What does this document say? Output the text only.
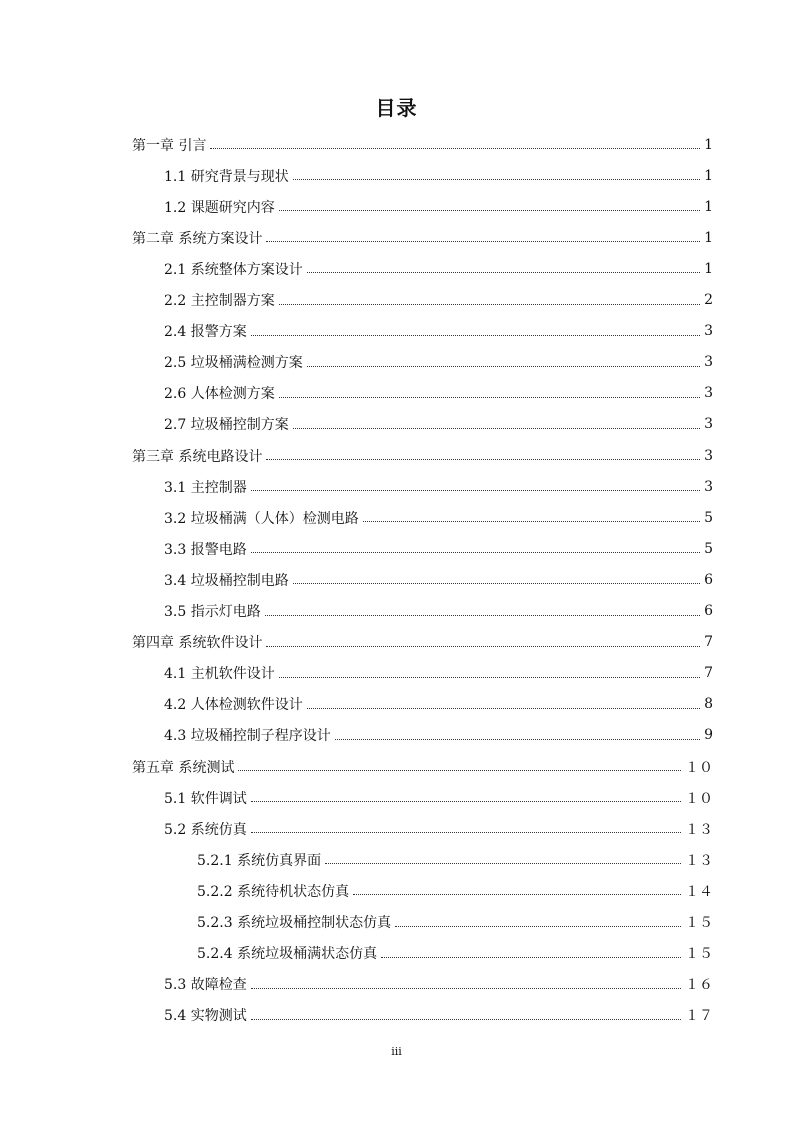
目录
第一章 引言	1
1.1 研究背景与现状	1
1.2 课题研究内容	1
第二章 系统方案设计	1
2.1 系统整体方案设计	1
2.2 主控制器方案	2
2.4 报警方案	3
2.5 垃圾桶满检测方案	3
2.6 人体检测方案	3
2.7 垃圾桶控制方案	3
第三章 系统电路设计	3
3.1 主控制器	3
3.2 垃圾桶满（人体）检测电路	5
3.3 报警电路	5
3.4 垃圾桶控制电路	6
3.5 指示灯电路	6
第四章 系统软件设计	7
4.1 主机软件设计	7
4.2 人体检测软件设计	8
4.3 垃圾桶控制子程序设计	9
第五章 系统测试	１０
5.1 软件调试	１０
5.2 系统仿真	１３
5.2.1 系统仿真界面	１３
5.2.2 系统待机状态仿真	１４
5.2.3 系统垃圾桶控制状态仿真	１５
5.2.4 系统垃圾桶满状态仿真	１５
5.3 故障检查	１６
5.4 实物测试	１７
iii
